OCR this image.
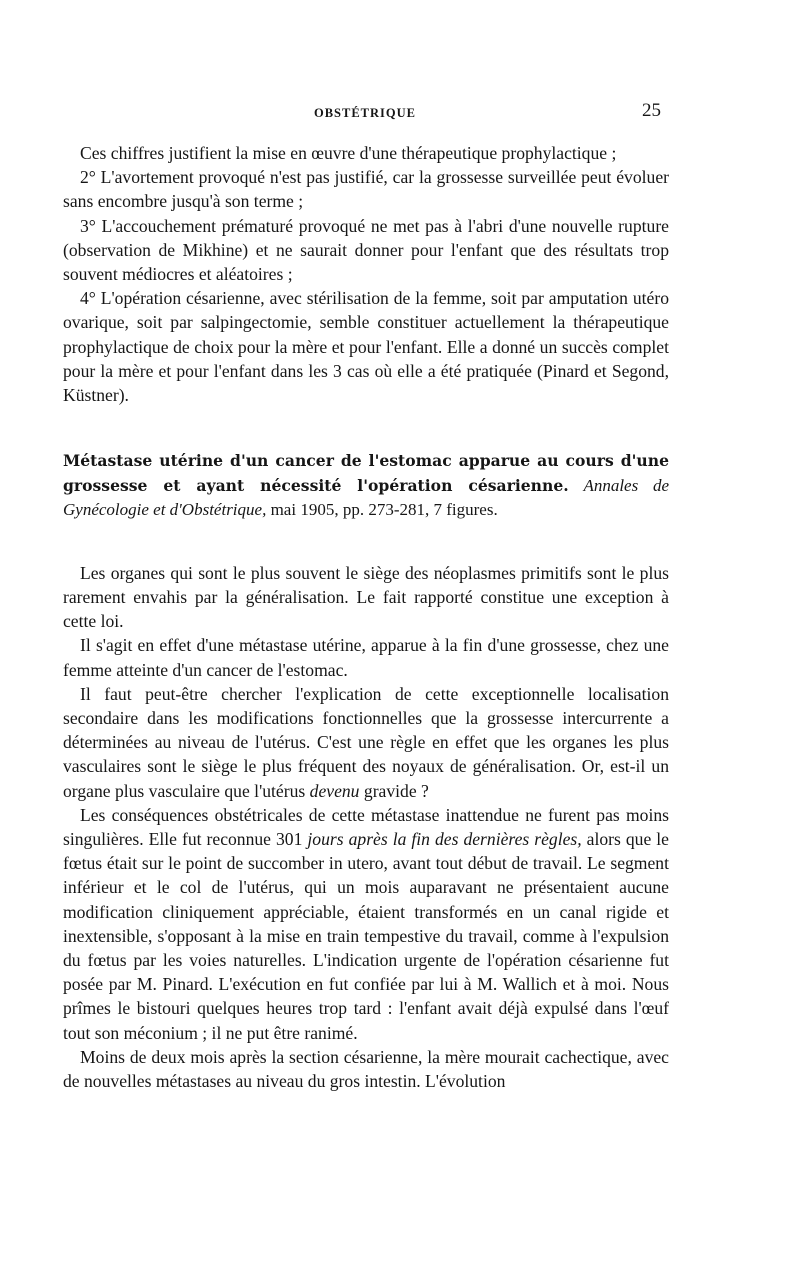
OBSTÉTRIQUE	25

Ces chiffres justifient la mise en œuvre d'une thérapeutique prophylactique ;

2° L'avortement provoqué n'est pas justifié, car la grossesse surveillée peut évoluer sans encombre jusqu'à son terme ;

3° L'accouchement prématuré provoqué ne met pas à l'abri d'une nouvelle rupture (observation de Mikhine) et ne saurait donner pour l'enfant que des résultats trop souvent médiocres et aléatoires ;

4° L'opération césarienne, avec stérilisation de la femme, soit par amputation utéro ovarique, soit par salpingectomie, semble constituer actuellement la thérapeutique prophylactique de choix pour la mère et pour l'enfant. Elle a donné un succès complet pour la mère et pour l'enfant dans les 3 cas où elle a été pratiquée (Pinard et Segond, Küstner).

Métastase utérine d'un cancer de l'estomac apparue au cours d'une grossesse et ayant nécessité l'opération césarienne. Annales de Gynécologie et d'Obstétrique, mai 1905, pp. 273-281, 7 figures.

Les organes qui sont le plus souvent le siège des néoplasmes primitifs sont le plus rarement envahis par la généralisation. Le fait rapporté constitue une exception à cette loi.

Il s'agit en effet d'une métastase utérine, apparue à la fin d'une grossesse, chez une femme atteinte d'un cancer de l'estomac.

Il faut peut-être chercher l'explication de cette exceptionnelle localisation secondaire dans les modifications fonctionnelles que la grossesse intercurrente a déterminées au niveau de l'utérus. C'est une règle en effet que les organes les plus vasculaires sont le siège le plus fréquent des noyaux de généralisation. Or, est-il un organe plus vasculaire que l'utérus devenu gravide ?

Les conséquences obstétricales de cette métastase inattendue ne furent pas moins singulières. Elle fut reconnue 301 jours après la fin des dernières règles, alors que le fœtus était sur le point de succomber in utero, avant tout début de travail. Le segment inférieur et le col de l'utérus, qui un mois auparavant ne présentaient aucune modification cliniquement appréciable, étaient transformés en un canal rigide et inextensible, s'opposant à la mise en train tempestive du travail, comme à l'expulsion du fœtus par les voies naturelles. L'indication urgente de l'opération césarienne fut posée par M. Pinard. L'exécution en fut confiée par lui à M. Wallich et à moi. Nous prîmes le bistouri quelques heures trop tard : l'enfant avait déjà expulsé dans l'œuf tout son méconium ; il ne put être ranimé.

Moins de deux mois après la section césarienne, la mère mourait cachectique, avec de nouvelles métastases au niveau du gros intestin. L'évolution
